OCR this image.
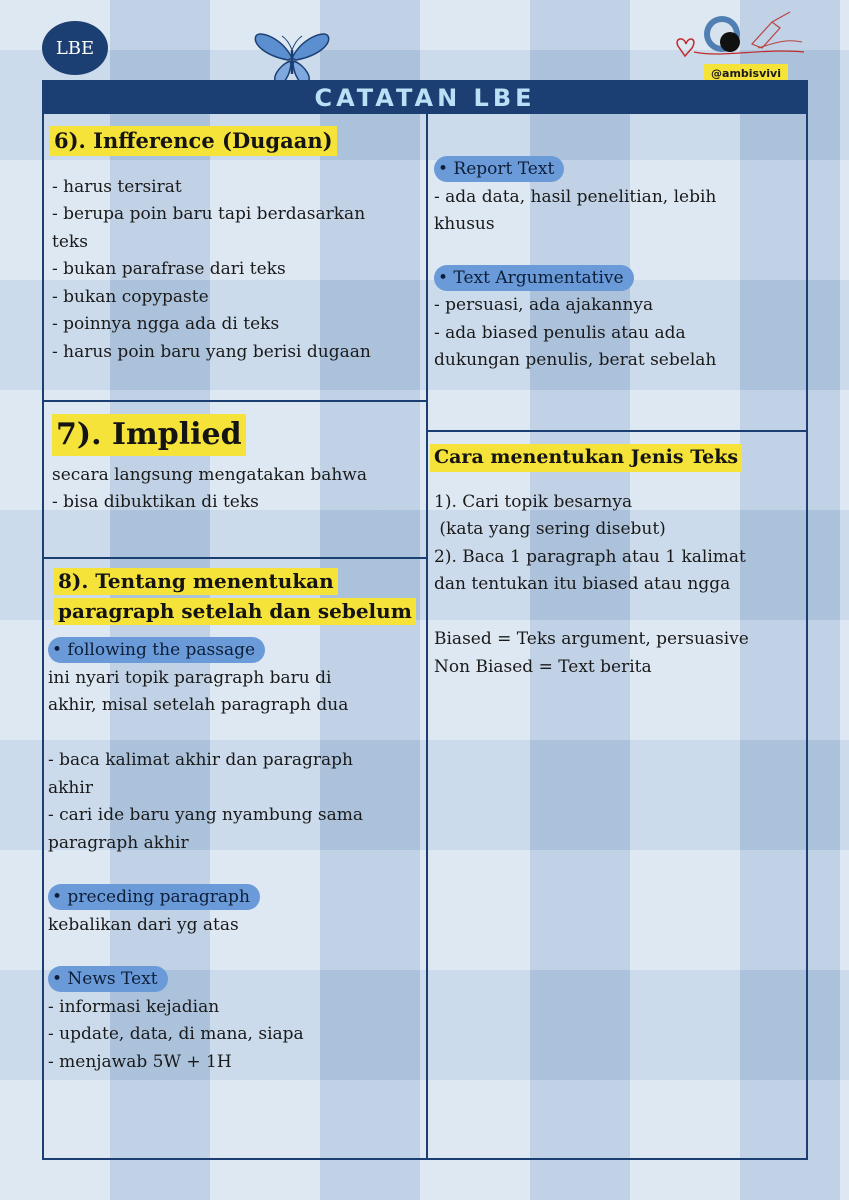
LBE
@ambisvivi
CATATAN LBE
6). Infference (Dugaan)
- harus tersirat
- berupa poin baru tapi berdasarkan
teks
- bukan parafrase dari teks
- bukan copypaste
- poinnya ngga ada di teks
- harus poin baru yang berisi dugaan
7). Implied
secara langsung mengatakan bahwa
- bisa dibuktikan di teks
8). Tentang menentukan
paragraph setelah dan sebelum
• following the passage
ini nyari topik paragraph baru di
akhir, misal setelah paragraph dua
- baca kalimat akhir dan paragraph
akhir
- cari ide baru yang nyambung sama
paragraph akhir
• preceding paragraph
kebalikan dari yg atas
• News Text
- informasi kejadian
- update, data, di mana, siapa
- menjawab 5W + 1H
• Report Text
- ada data, hasil penelitian, lebih
khusus
• Text Argumentative
- persuasi, ada ajakannya
- ada biased penulis atau ada
dukungan penulis, berat sebelah
Cara menentukan Jenis Teks
1). Cari topik besarnya
(kata yang sering disebut)
2). Baca 1 paragraph atau 1 kalimat
dan tentukan itu biased atau ngga
Biased = Teks argument, persuasive
Non Biased = Text berita
